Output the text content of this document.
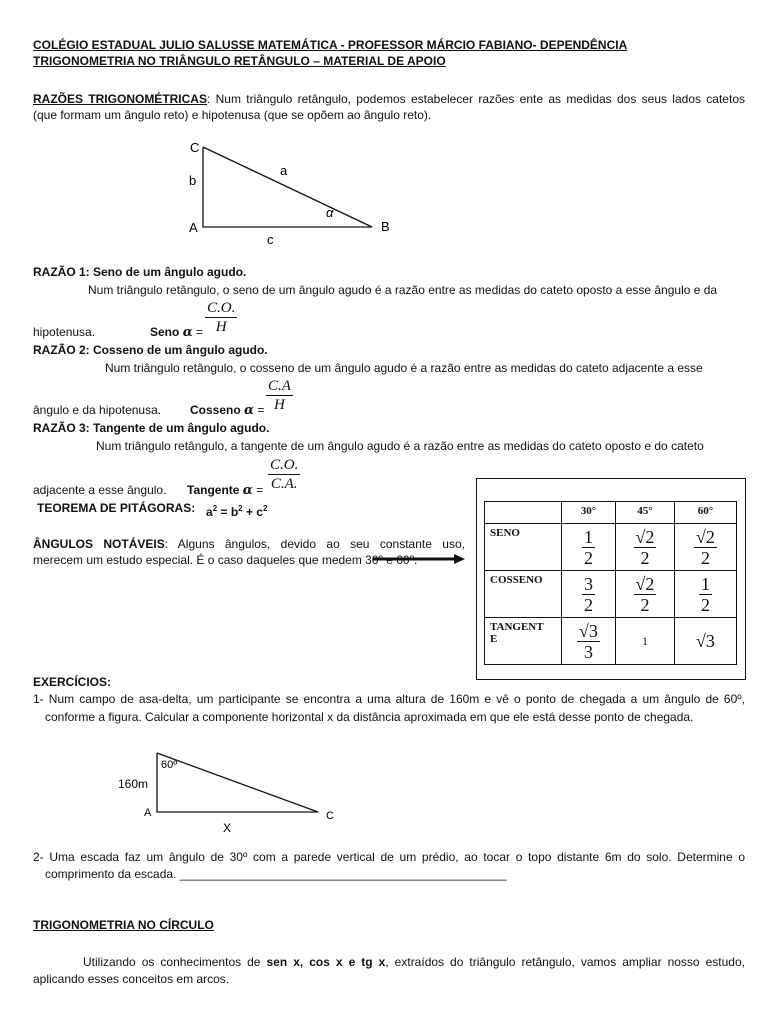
COLÉGIO ESTADUAL JULIO SALUSSE MATEMÁTICA - PROFESSOR MÁRCIO FABIANO- DEPENDÊNCIA
TRIGONOMETRIA NO TRIÂNGULO RETÂNGULO – MATERIAL DE APOIO
RAZÕES TRIGONOMÉTRICAS: Num triângulo retângulo, podemos estabelecer razões ente as medidas dos seus lados catetos
(que formam um ângulo reto) e hipotenusa (que se opõem ao ângulo reto).
C
b
A
a
B
c
α
60º
160m
A	C
X
RAZÃO 1: Seno de um ângulo agudo.
Num triângulo retângulo, o seno de um ângulo agudo é a razão entre as medidas do cateto oposto a esse ângulo e da
hipotenusa.	Seno $\alpha = \frac{C.O.}{H}$
RAZÃO 2: Cosseno de um ângulo agudo.
Num triângulo retângulo, o cosseno de um ângulo agudo é a razão entre as medidas do cateto adjacente a esse
ângulo e da hipotenusa. Cosseno $\alpha = \frac{C.A}{H}$
RAZÃO 3: Tangente de um ângulo agudo.
Num triângulo retângulo, a tangente de um ângulo agudo é a razão entre as medidas do cateto oposto e do cateto
adjacente a esse ângulo. Tangente $\alpha = \frac{C.O.}{C.A.}$
TEOREMA DE PITÁGORAS: $a^2 = b^2 + c^2$
ÂNGULOS NOTÁVEIS: Alguns ângulos, devido ao seu constante uso,
merecem um estudo especial. É o caso daqueles que medem 30º e 60º.
	30°	45°	60°
SENO	$\frac{1}{2}$	$\frac{√2}{2}$	$\frac{√2}{2}$

COSSENO	$\frac{3}{2}$	$\frac{√2}{2}$	$\frac{1}{2}$

TANGENT
E	$\frac{√3}{3}$	1	√3
EXERCÍCIOS:
1- Num campo de asa-delta, um participante se encontra a uma altura de 160m e vê o ponto de chegada a um ângulo de 60º,
conforme a figura. Calcular a componente horizontal x da distância aproximada em que ele está desse ponto de chegada.
2- Uma escada faz um ângulo de 30º com a parede vertical de um prédio, ao tocar o topo distante 6m do solo. Determine o
comprimento da escada. _________________________________________________
TRIGONOMETRIA NO CÍRCULO
Utilizando os conhecimentos de sen x, cos x e tg x, extraídos do triângulo retângulo, vamos ampliar nosso estudo,
aplicando esses conceitos em arcos.
